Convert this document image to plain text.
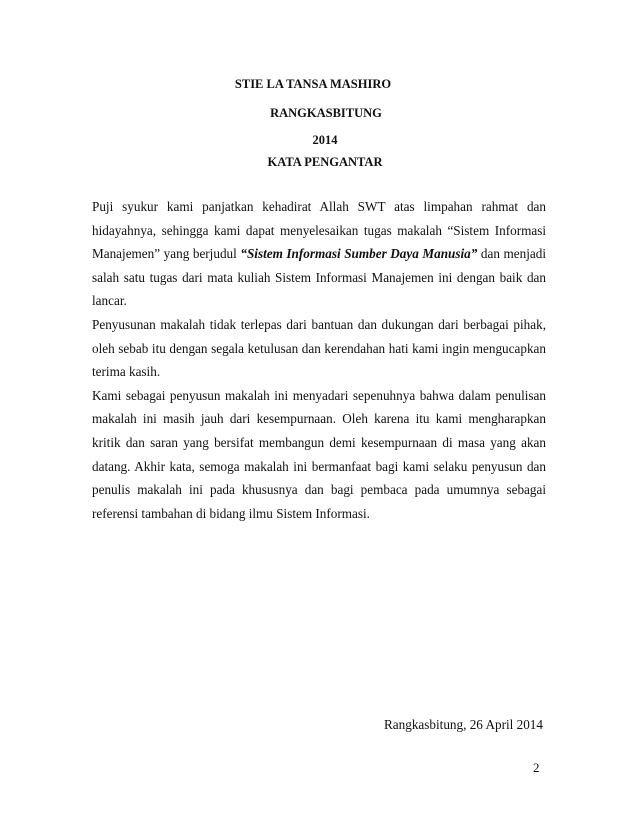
STIE LA TANSA MASHIRO
RANGKASBITUNG
2014
KATA PENGANTAR

Puji syukur kami panjatkan kehadirat Allah SWT atas limpahan rahmat dan hidayahnya, sehingga kami dapat menyelesaikan tugas makalah “Sistem Informasi Manajemen” yang berjudul “Sistem Informasi Sumber Daya Manusia” dan menjadi salah satu tugas dari mata kuliah Sistem Informasi Manajemen ini dengan baik dan lancar.

Penyusunan makalah tidak terlepas dari bantuan dan dukungan dari berbagai pihak, oleh sebab itu dengan segala ketulusan dan kerendahan hati kami ingin mengucapkan terima kasih.

Kami sebagai penyusun makalah ini menyadari sepenuhnya bahwa dalam penulisan makalah ini masih jauh dari kesempurnaan. Oleh karena itu kami mengharapkan kritik dan saran yang bersifat membangun demi kesempurnaan di masa yang akan datang. Akhir kata, semoga makalah ini bermanfaat bagi kami selaku penyusun dan penulis makalah ini pada khususnya dan bagi pembaca pada umumnya sebagai referensi tambahan di bidang ilmu Sistem Informasi.

Rangkasbitung, 26 April 2014
2
